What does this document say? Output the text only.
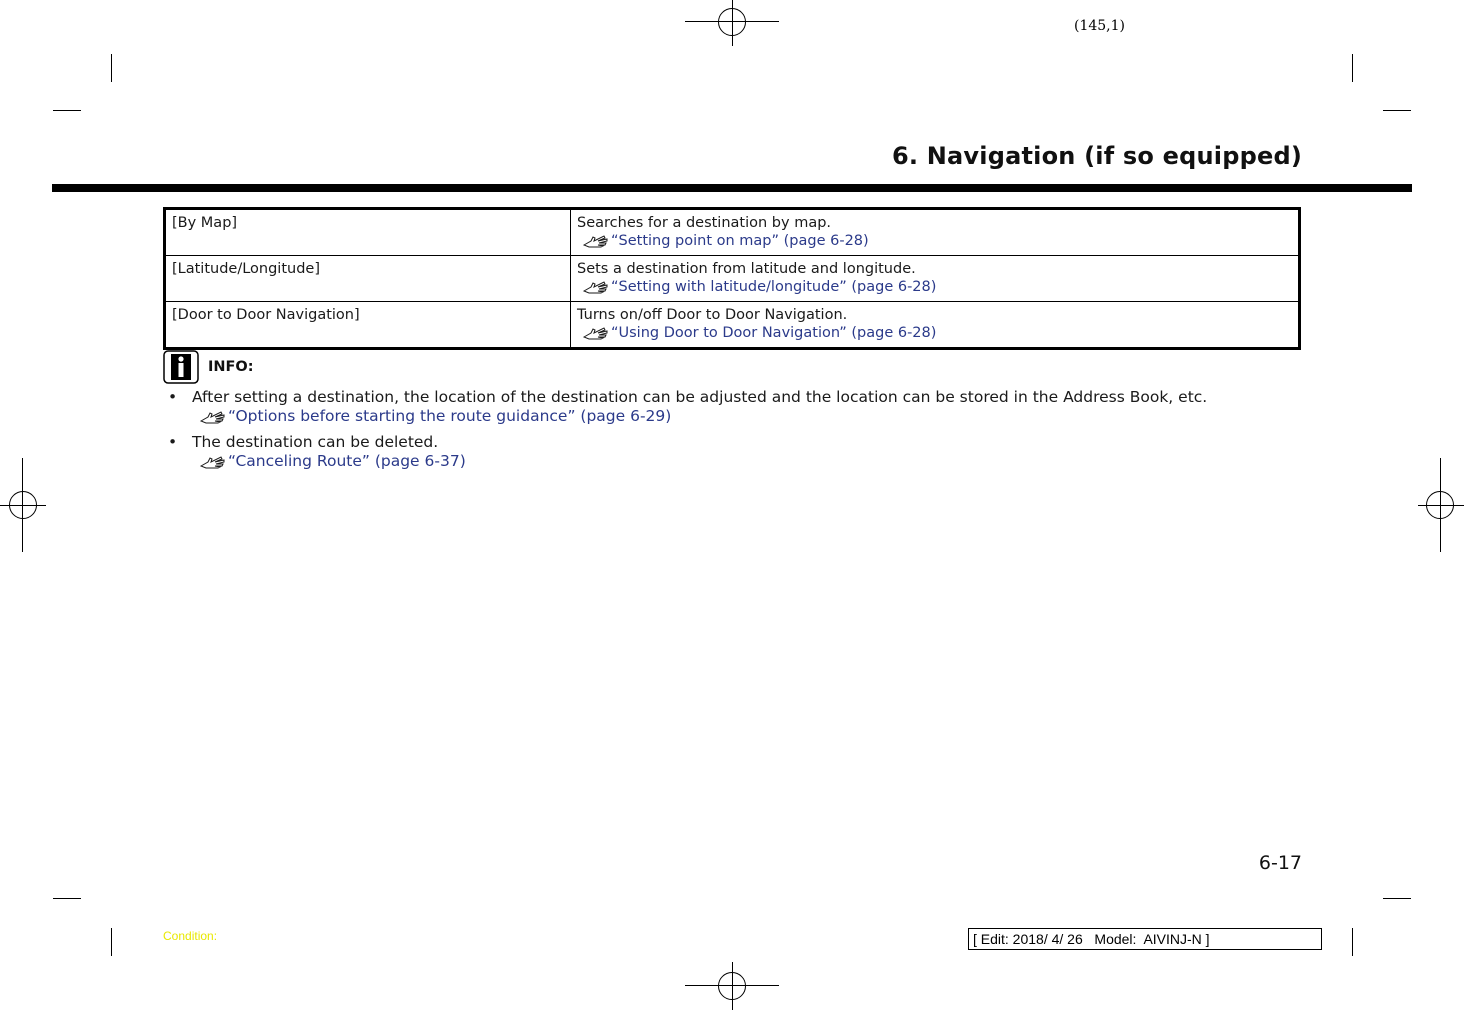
(145,1)
6. Navigation (if so equipped)
[By Map]	Searches for a destination by map.
“Setting point on map” (page 6-28)

[Latitude/Longitude]	Sets a destination from latitude and longitude.
“Setting with latitude/longitude” (page 6-28)

[Door to Door Navigation]	Turns on/off Door to Door Navigation.
“Using Door to Door Navigation” (page 6-28)
INFO:
• After setting a destination, the location of the destination can be adjusted and the location can be stored in the Address Book, etc.
“Options before starting the route guidance” (page 6-29)
• The destination can be deleted.
“Canceling Route” (page 6-37)
6-17
Condition:	[ Edit: 2018/ 4/ 26   Model:  AIVINJ-N ]
